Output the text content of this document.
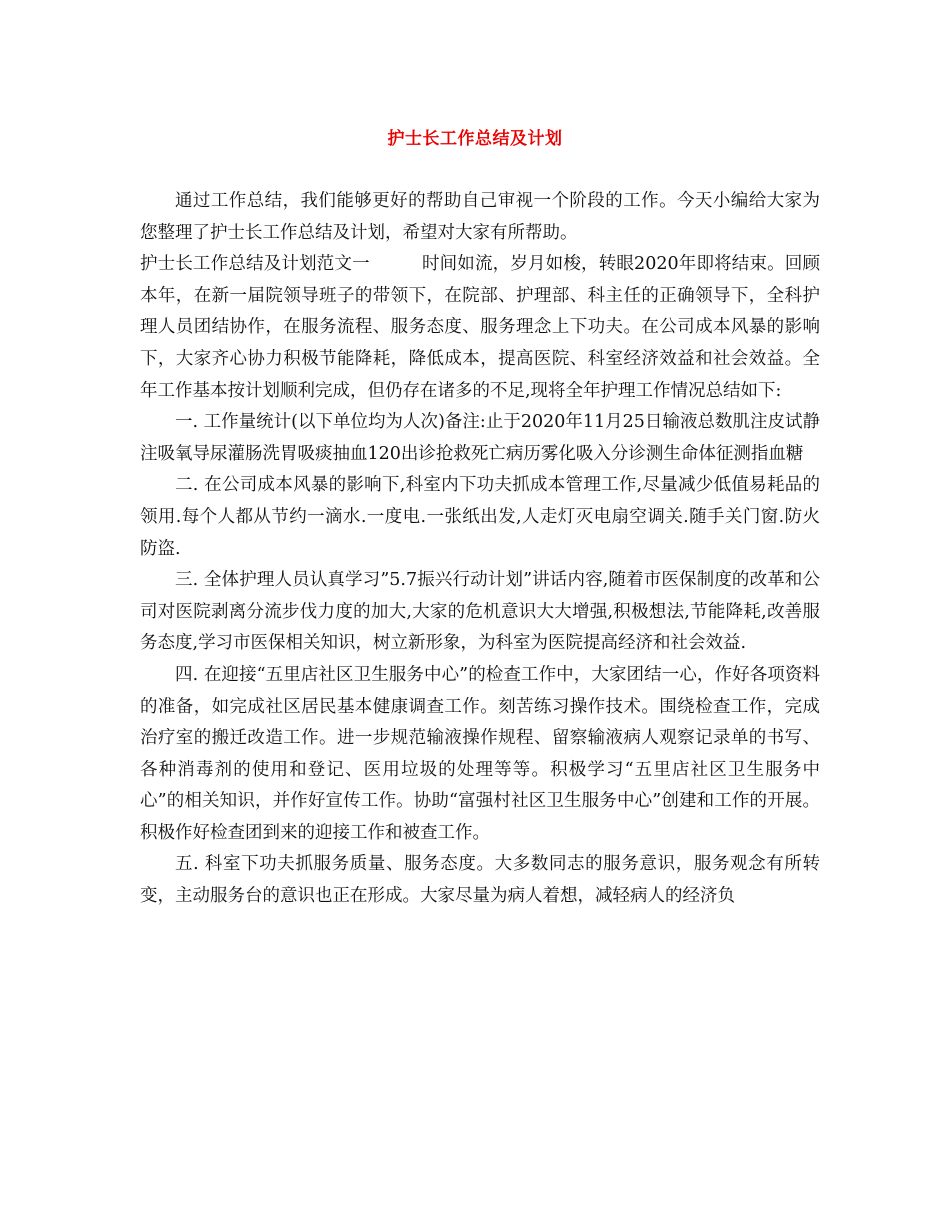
护士长工作总结及计划

通过工作总结，我们能够更好的帮助自己审视一个阶段的工作。今天小编给大家为您整理了护士长工作总结及计划，希望对大家有所帮助。

护士长工作总结及计划范文一	时间如流，岁月如梭，转眼2020年即将结束。回顾本年，在新一届院领导班子的带领下，在院部、护理部、科主任的正确领导下，全科护理人员团结协作，在服务流程、服务态度、服务理念上下功夫。在公司成本风暴的影响下，大家齐心协力积极节能降耗，降低成本，提高医院、科室经济效益和社会效益。全年工作基本按计划顺利完成，但仍存在诸多的不足,现将全年护理工作情况总结如下:

一. 工作量统计(以下单位均为人次)备注:止于2020年11月25日输液总数肌注皮试静注吸氧导尿灌肠洗胃吸痰抽血120出诊抢救死亡病历雾化吸入分诊测生命体征测指血糖

二. 在公司成本风暴的影响下,科室内下功夫抓成本管理工作,尽量减少低值易耗品的领用.每个人都从节约一滴水.一度电.一张纸出发,人走灯灭电扇空调关.随手关门窗.防火防盗.

三. 全体护理人员认真学习”5.7振兴行动计划”讲话内容,随着市医保制度的改革和公司对医院剥离分流步伐力度的加大,大家的危机意识大大增强,积极想法,节能降耗,改善服务态度,学习市医保相关知识，树立新形象，为科室为医院提高经济和社会效益.

四. 在迎接“五里店社区卫生服务中心”的检查工作中，大家团结一心，作好各项资料的准备，如完成社区居民基本健康调查工作。刻苦练习操作技术。围绕检查工作，完成治疗室的搬迁改造工作。进一步规范输液操作规程、留察输液病人观察记录单的书写、各种消毒剂的使用和登记、医用垃圾的处理等等。积极学习“五里店社区卫生服务中心”的相关知识，并作好宣传工作。协助“富强村社区卫生服务中心”创建和工作的开展。积极作好检查团到来的迎接工作和被查工作。

五. 科室下功夫抓服务质量、服务态度。大多数同志的服务意识，服务观念有所转变，主动服务台的意识也正在形成。大家尽量为病人着想，减轻病人的经济负
